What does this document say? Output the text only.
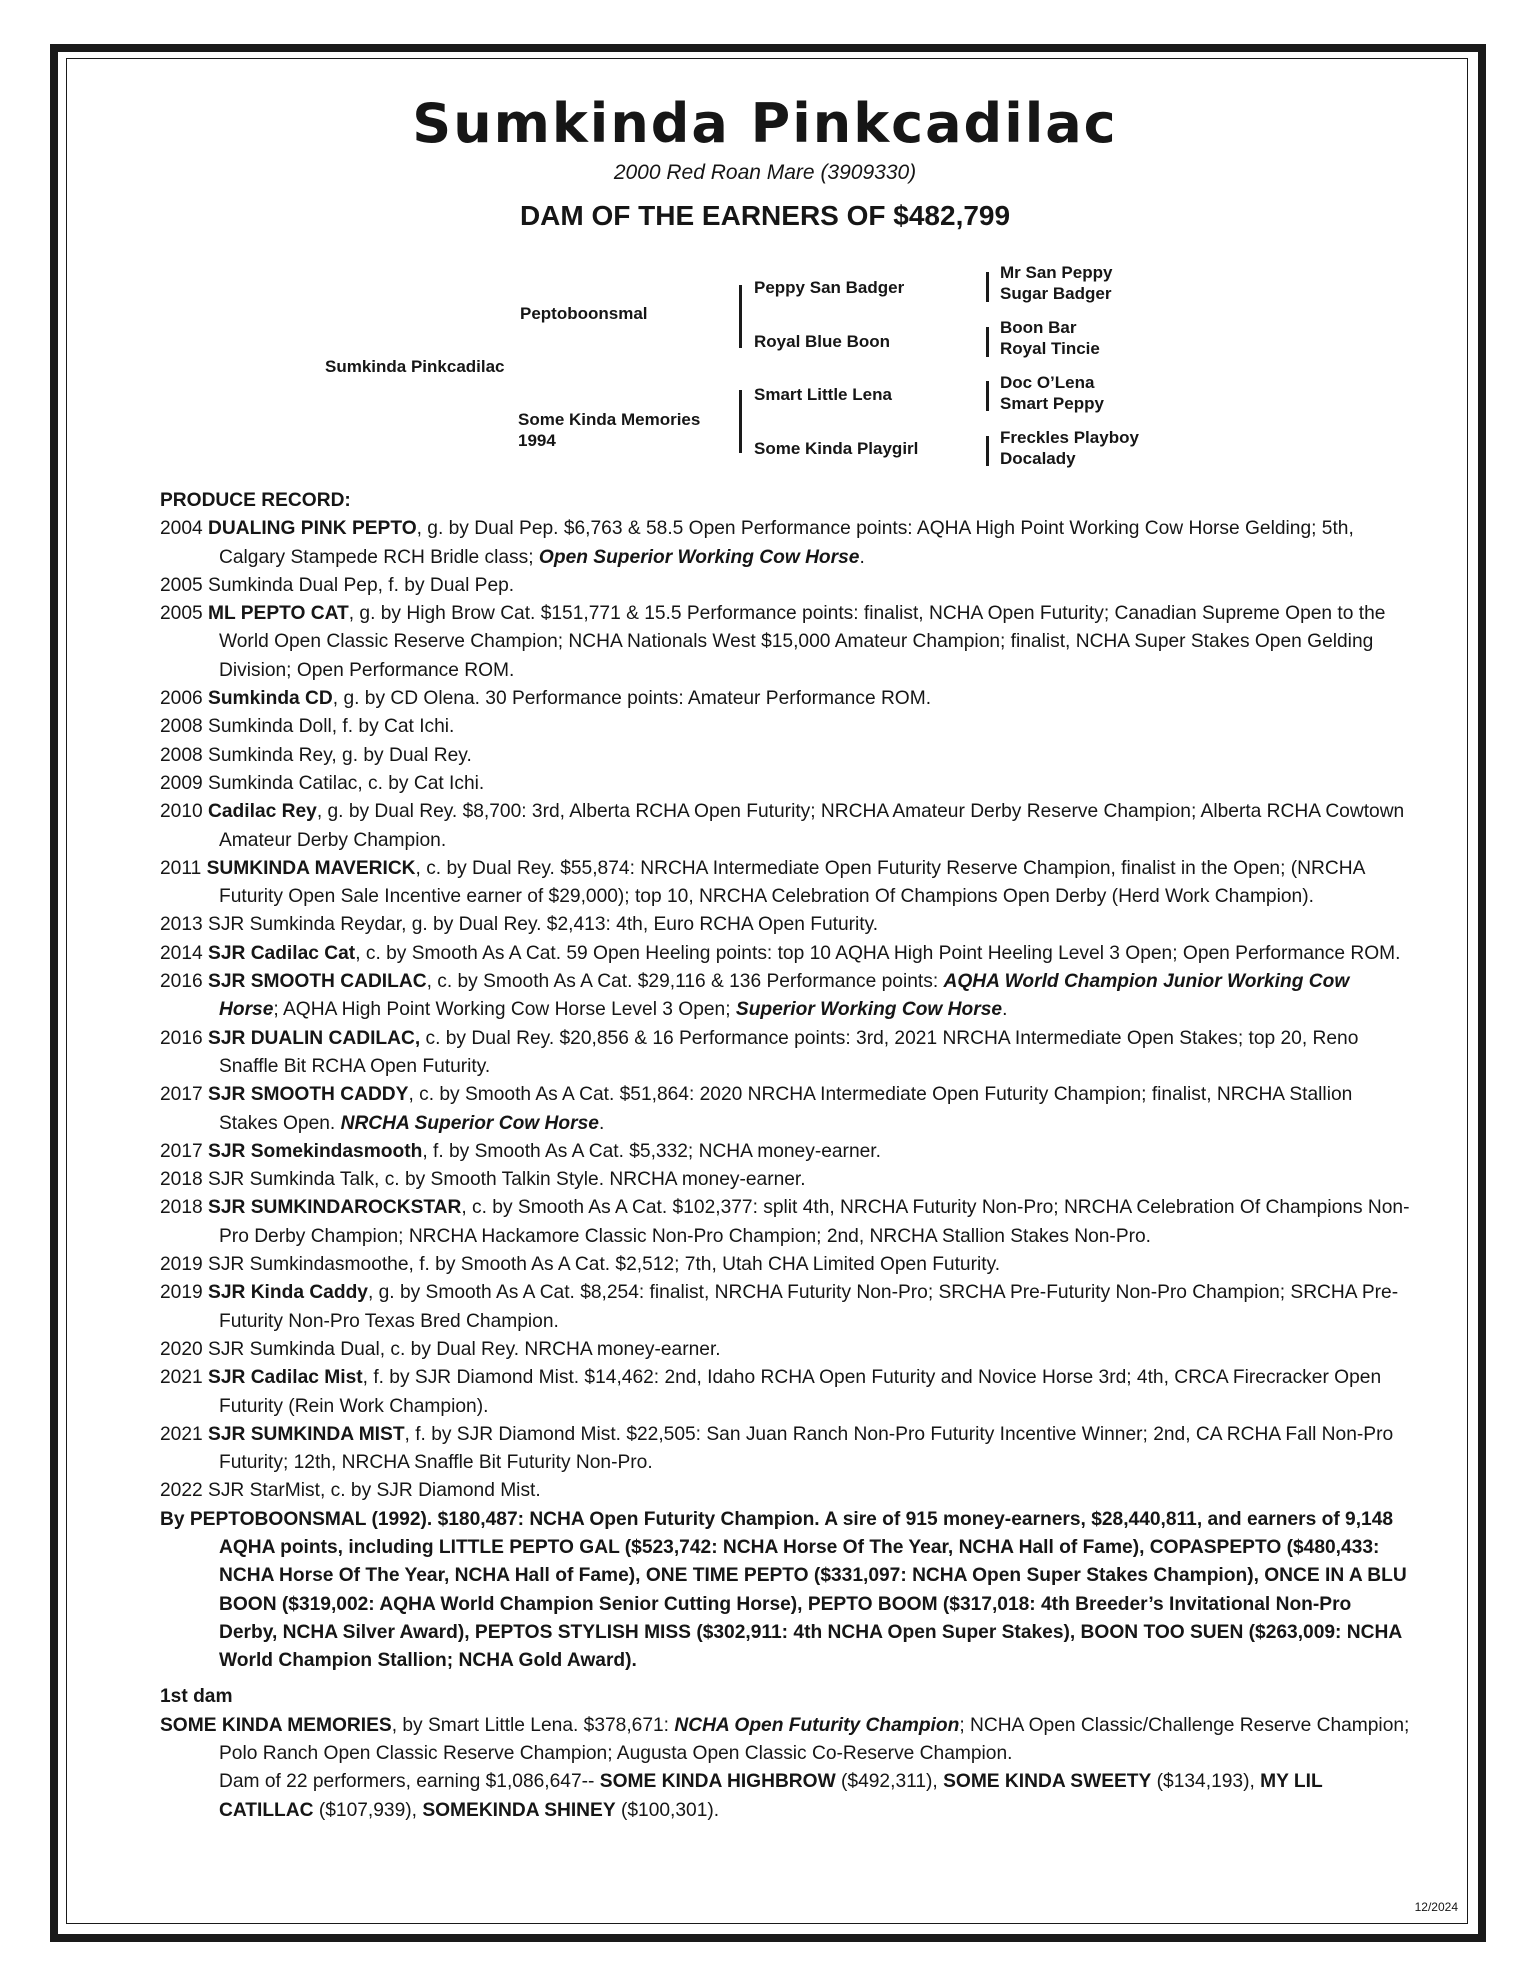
Sumkinda Pinkcadilac
2000 Red Roan Mare (3909330)
DAM OF THE EARNERS OF $482,799
Sumkinda Pinkcadilac
Peptoboonsmal
Some Kinda Memories
1994
Peppy San Badger
Royal Blue Boon
Smart Little Lena
Some Kinda Playgirl
Mr San Peppy
Sugar Badger
Boon Bar
Royal Tincie
Doc O’Lena
Smart Peppy
Freckles Playboy
Docalady

PRODUCE RECORD:

2004 DUALING PINK PEPTO, g. by Dual Pep. $6,763 & 58.5 Open Performance points: AQHA High Point Working Cow Horse Gelding; 5th, Calgary Stampede RCH Bridle class; Open Superior Working Cow Horse.

2005 Sumkinda Dual Pep, f. by Dual Pep.

2005 ML PEPTO CAT, g. by High Brow Cat. $151,771 & 15.5 Performance points: finalist, NCHA Open Futurity; Canadian Supreme Open to the World Open Classic Reserve Champion; NCHA Nationals West $15,000 Amateur Champion; finalist, NCHA Super Stakes Open Gelding Division; Open Performance ROM.

2006 Sumkinda CD, g. by CD Olena. 30 Performance points: Amateur Performance ROM.

2008 Sumkinda Doll, f. by Cat Ichi.

2008 Sumkinda Rey, g. by Dual Rey.

2009 Sumkinda Catilac, c. by Cat Ichi.

2010 Cadilac Rey, g. by Dual Rey. $8,700: 3rd, Alberta RCHA Open Futurity; NRCHA Amateur Derby Reserve Champion; Alberta RCHA Cowtown Amateur Derby Champion.

2011 SUMKINDA MAVERICK, c. by Dual Rey. $55,874: NRCHA Intermediate Open Futurity Reserve Champion, finalist in the Open; (NRCHA Futurity Open Sale Incentive earner of $29,000); top 10, NRCHA Celebration Of Champions Open Derby (Herd Work Champion).

2013 SJR Sumkinda Reydar, g. by Dual Rey. $2,413: 4th, Euro RCHA Open Futurity.

2014 SJR Cadilac Cat, c. by Smooth As A Cat. 59 Open Heeling points: top 10 AQHA High Point Heeling Level 3 Open; Open Performance ROM.

2016 SJR SMOOTH CADILAC, c. by Smooth As A Cat. $29,116 & 136 Performance points: AQHA World Champion Junior Working Cow Horse; AQHA High Point Working Cow Horse Level 3 Open; Superior Working Cow Horse.

2016 SJR DUALIN CADILAC, c. by Dual Rey. $20,856 & 16 Performance points: 3rd, 2021 NRCHA Intermediate Open Stakes; top 20, Reno Snaffle Bit RCHA Open Futurity.

2017 SJR SMOOTH CADDY, c. by Smooth As A Cat. $51,864: 2020 NRCHA Intermediate Open Futurity Champion; finalist, NRCHA Stallion Stakes Open. NRCHA Superior Cow Horse.

2017 SJR Somekindasmooth, f. by Smooth As A Cat. $5,332; NCHA money-earner.

2018 SJR Sumkinda Talk, c. by Smooth Talkin Style. NRCHA money-earner.

2018 SJR SUMKINDAROCKSTAR, c. by Smooth As A Cat. $102,377: split 4th, NRCHA Futurity Non-Pro; NRCHA Celebration Of Champions Non-Pro Derby Champion; NRCHA Hackamore Classic Non-Pro Champion; 2nd, NRCHA Stallion Stakes Non-Pro.

2019 SJR Sumkindasmoothe, f. by Smooth As A Cat. $2,512; 7th, Utah CHA Limited Open Futurity.

2019 SJR Kinda Caddy, g. by Smooth As A Cat. $8,254: finalist, NRCHA Futurity Non-Pro; SRCHA Pre-Futurity Non-Pro Champion; SRCHA Pre-Futurity Non-Pro Texas Bred Champion.

2020 SJR Sumkinda Dual, c. by Dual Rey. NRCHA money-earner.

2021 SJR Cadilac Mist, f. by SJR Diamond Mist. $14,462: 2nd, Idaho RCHA Open Futurity and Novice Horse 3rd; 4th, CRCA Firecracker Open Futurity (Rein Work Champion).

2021 SJR SUMKINDA MIST, f. by SJR Diamond Mist. $22,505: San Juan Ranch Non-Pro Futurity Incentive Winner; 2nd, CA RCHA Fall Non-Pro Futurity; 12th, NRCHA Snaffle Bit Futurity Non-Pro.

2022 SJR StarMist, c. by SJR Diamond Mist.

By PEPTOBOONSMAL (1992). $180,487: NCHA Open Futurity Champion. A sire of 915 money-earners, $28,440,811, and earners of 9,148 AQHA points, including LITTLE PEPTO GAL ($523,742: NCHA Horse Of The Year, NCHA Hall of Fame), COPASPEPTO ($480,433: NCHA Horse Of The Year, NCHA Hall of Fame), ONE TIME PEPTO ($331,097: NCHA Open Super Stakes Champion), ONCE IN A BLU BOON ($319,002: AQHA World Champion Senior Cutting Horse), PEPTO BOOM ($317,018: 4th Breeder’s Invitational Non-Pro Derby, NCHA Silver Award), PEPTOS STYLISH MISS ($302,911: 4th NCHA Open Super Stakes), BOON TOO SUEN ($263,009: NCHA World Champion Stallion; NCHA Gold Award).

1st dam

SOME KINDA MEMORIES, by Smart Little Lena. $378,671: NCHA Open Futurity Champion; NCHA Open Classic/Challenge Reserve Champion; Polo Ranch Open Classic Reserve Champion; Augusta Open Classic Co-Reserve Champion.
Dam of 22 performers, earning $1,086,647-- SOME KINDA HIGHBROW ($492,311), SOME KINDA SWEETY ($134,193), MY LIL CATILLAC ($107,939), SOMEKINDA SHINEY ($100,301).

12/2024
